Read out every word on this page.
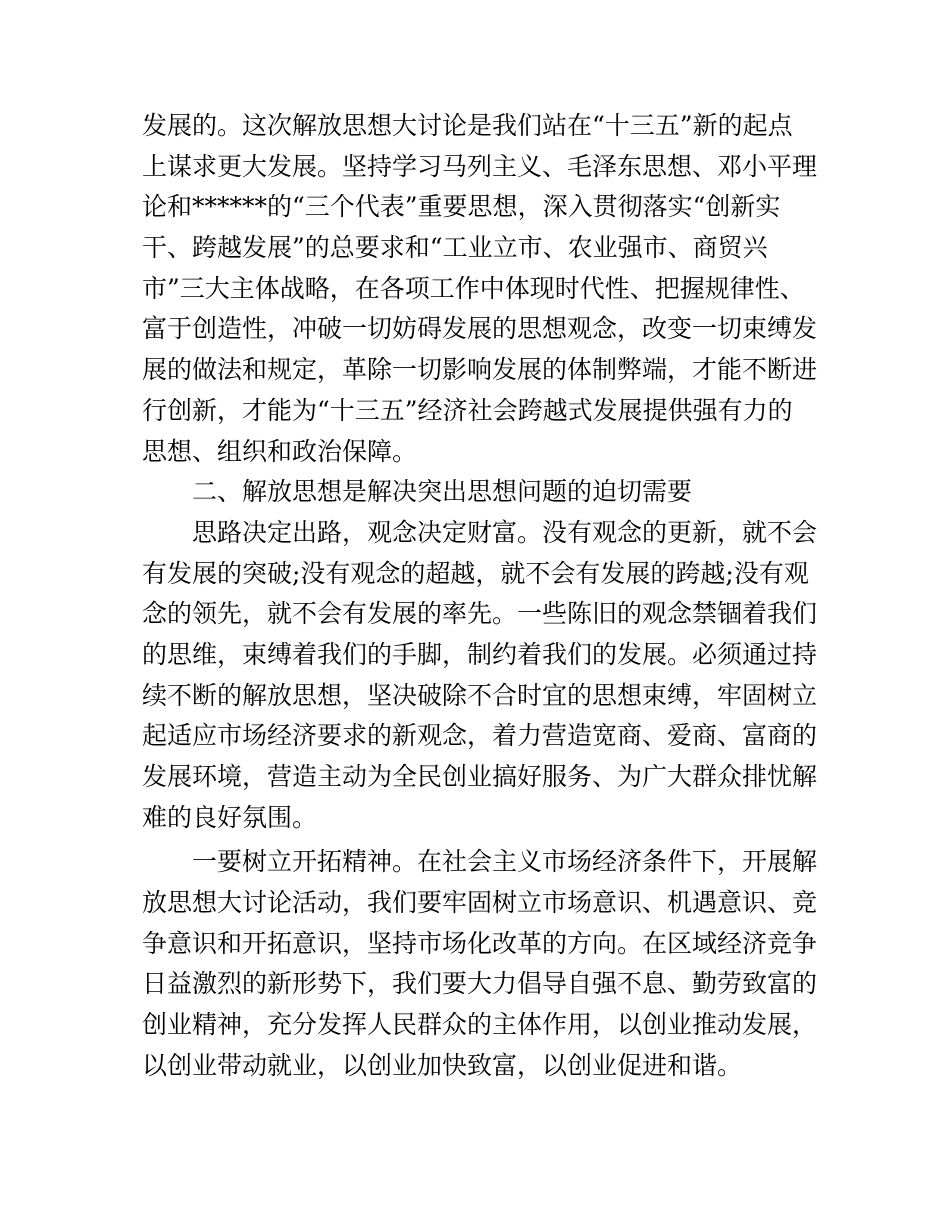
发展的。这次解放思想大讨论是我们站在“十三五”新的起点
上谋求更大发展。坚持学习马列主义、毛泽东思想、邓小平理
论和******的“三个代表”重要思想，深入贯彻落实“创新实
干、跨越发展”的总要求和“工业立市、农业强市、商贸兴
市”三大主体战略，在各项工作中体现时代性、把握规律性、
富于创造性，冲破一切妨碍发展的思想观念，改变一切束缚发
展的做法和规定，革除一切影响发展的体制弊端，才能不断进
行创新，才能为“十三五”经济社会跨越式发展提供强有力的
思想、组织和政治保障。
二、解放思想是解决突出思想问题的迫切需要
思路决定出路，观念决定财富。没有观念的更新，就不会
有发展的突破;没有观念的超越，就不会有发展的跨越;没有观
念的领先，就不会有发展的率先。一些陈旧的观念禁锢着我们
的思维，束缚着我们的手脚，制约着我们的发展。必须通过持
续不断的解放思想，坚决破除不合时宜的思想束缚，牢固树立
起适应市场经济要求的新观念，着力营造宽商、爱商、富商的
发展环境，营造主动为全民创业搞好服务、为广大群众排忧解
难的良好氛围。
一要树立开拓精神。在社会主义市场经济条件下，开展解
放思想大讨论活动，我们要牢固树立市场意识、机遇意识、竞
争意识和开拓意识，坚持市场化改革的方向。在区域经济竞争
日益激烈的新形势下，我们要大力倡导自强不息、勤劳致富的
创业精神，充分发挥人民群众的主体作用，以创业推动发展，
以创业带动就业，以创业加快致富，以创业促进和谐。
